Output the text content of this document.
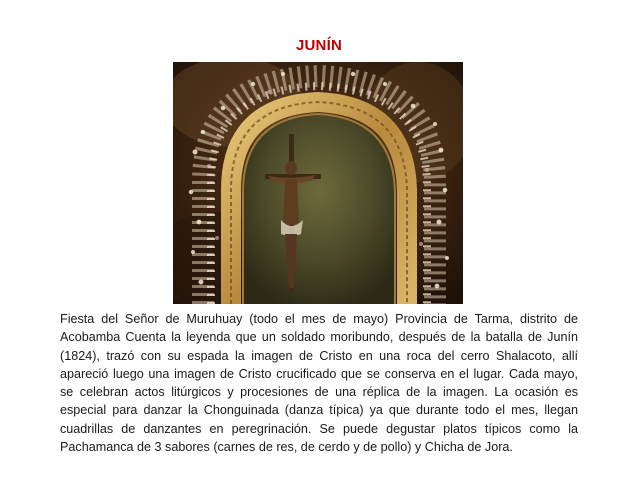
JUNÍN

Fiesta del Señor de Muruhuay (todo el mes de mayo) Provincia de Tarma, distrito de Acobamba Cuenta la leyenda que un soldado moribundo, después de la batalla de Junín (1824), trazó con su espada la imagen de Cristo en una roca del cerro Shalacoto, allí apareció luego una imagen de Cristo crucificado que se conserva en el lugar. Cada mayo, se celebran actos litúrgicos y procesiones de una réplica de la imagen. La ocasión es especial para danzar la Chonguinada (danza típica) ya que durante todo el mes, llegan cuadrillas de danzantes en peregrinación. Se puede degustar platos típicos como la Pachamanca de 3 sabores (carnes de res, de cerdo y de pollo) y Chicha de Jora.
